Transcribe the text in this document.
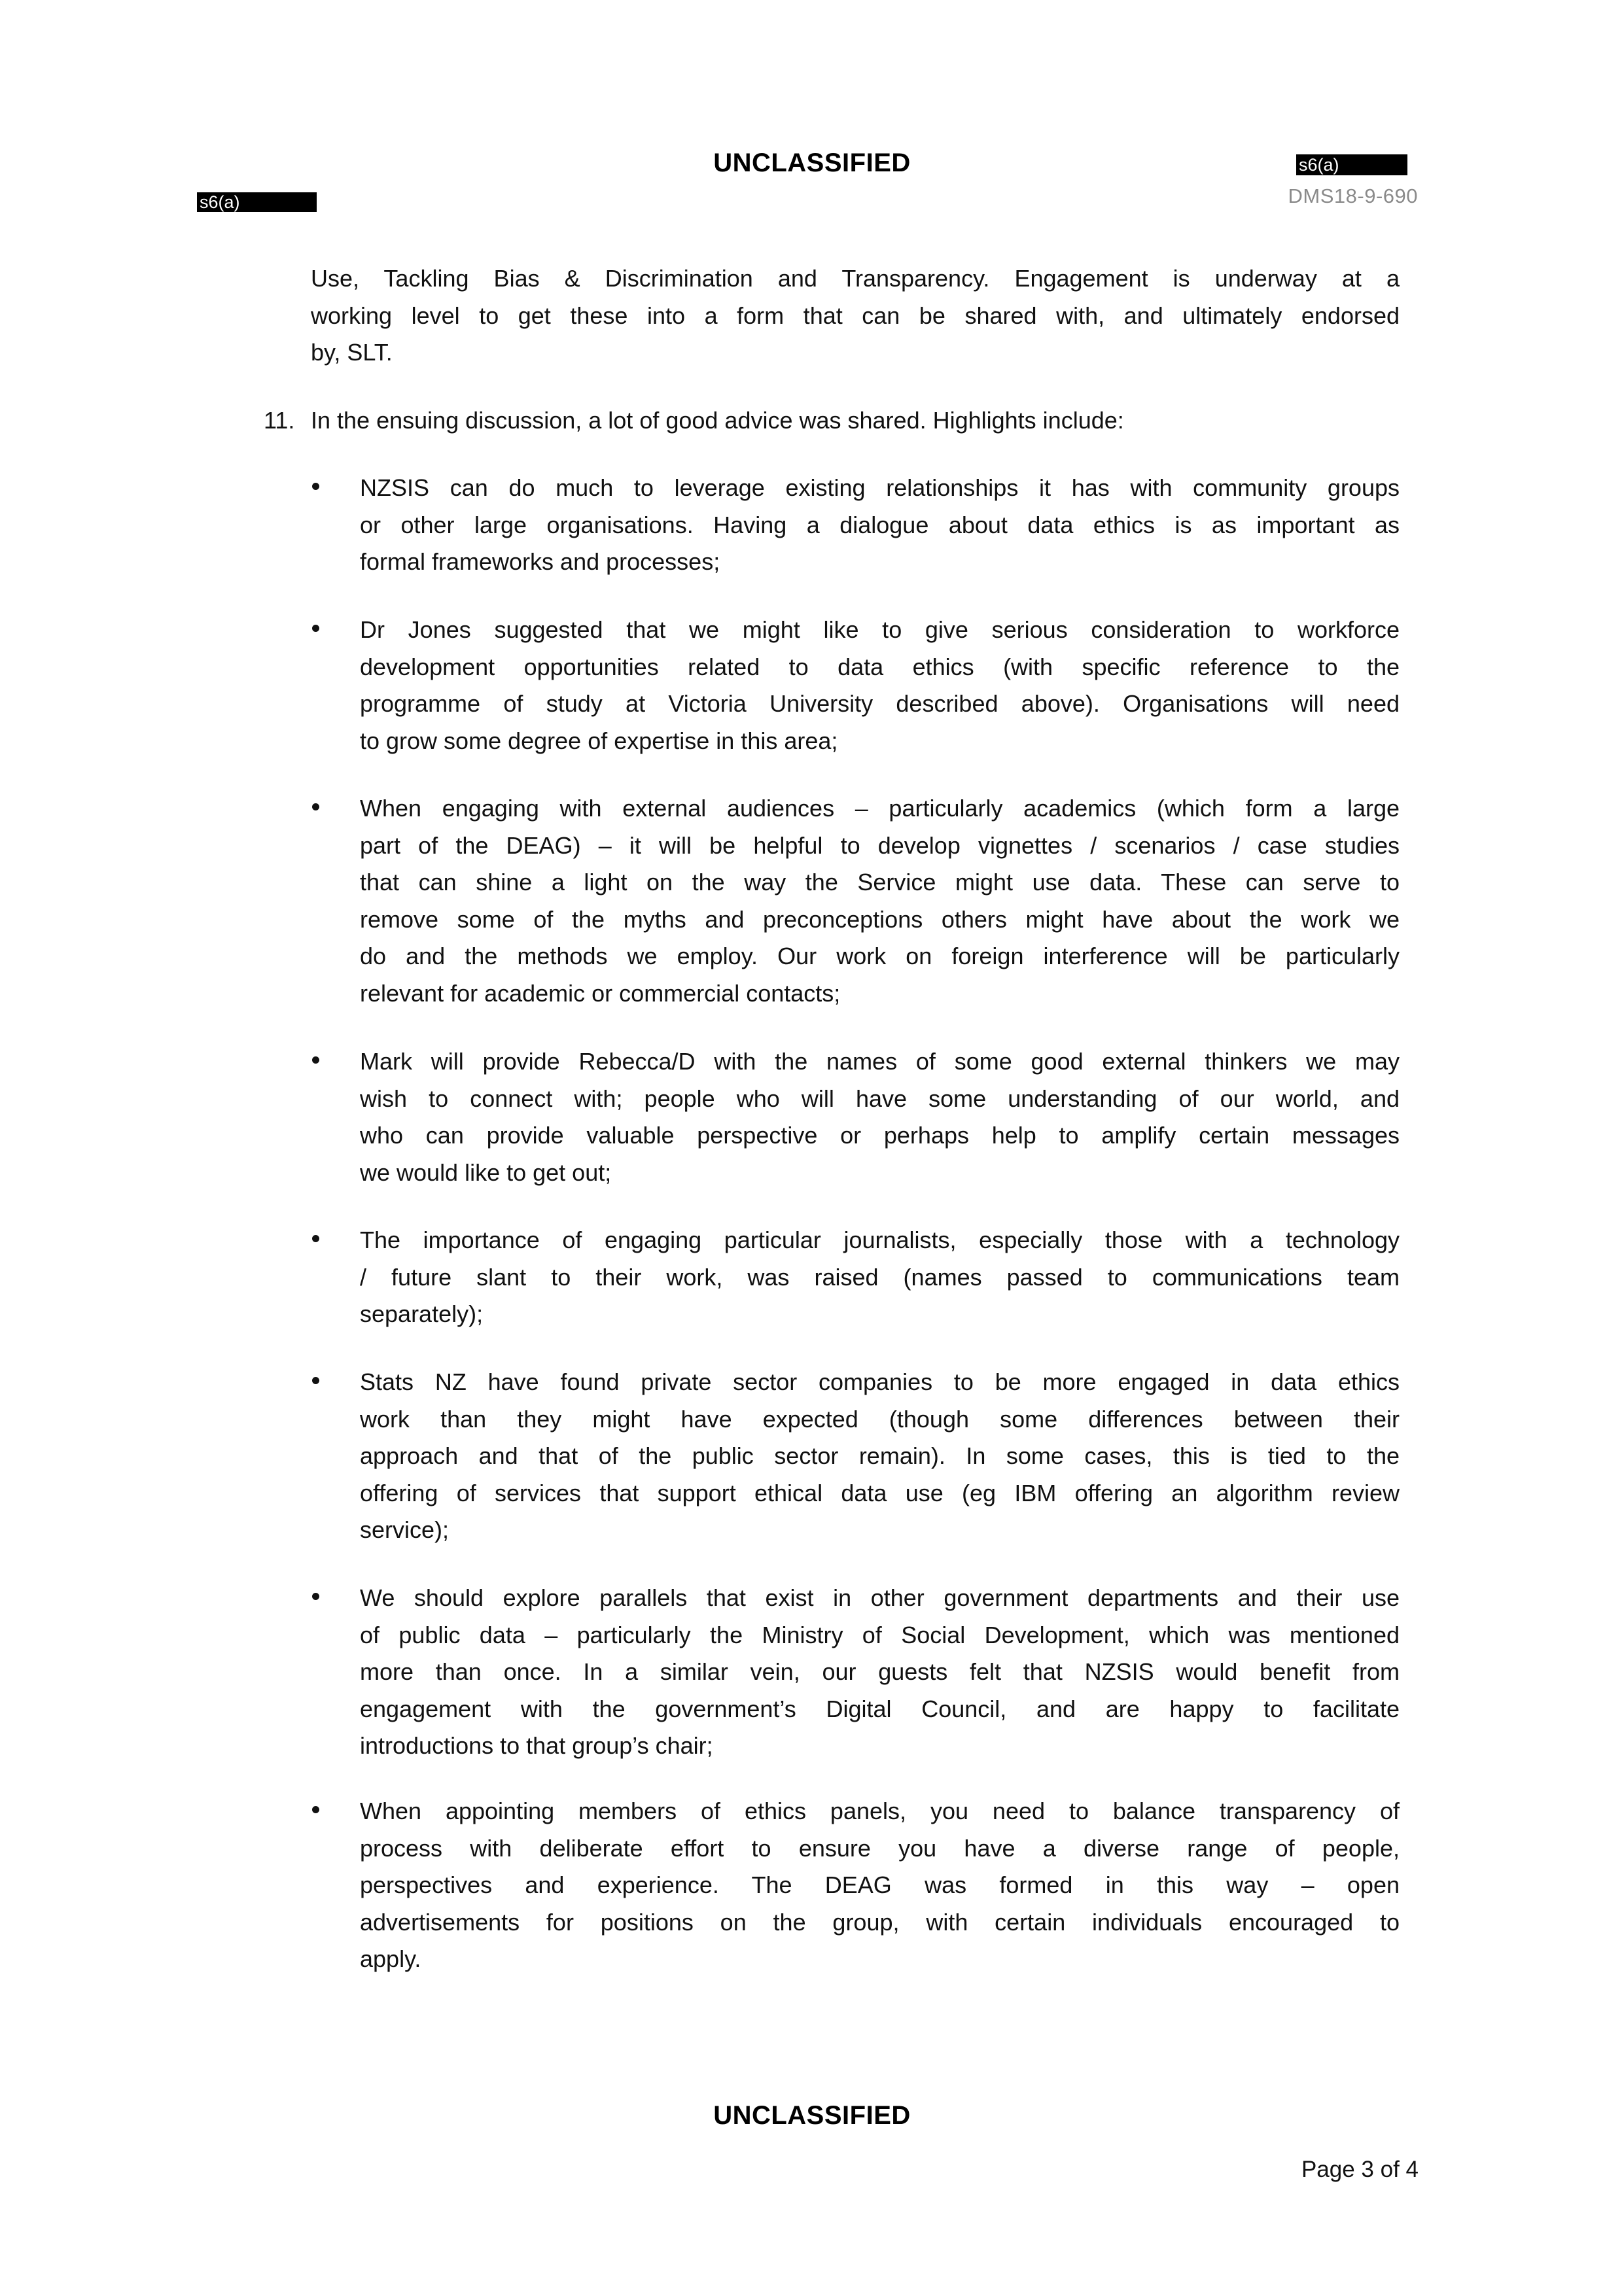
UNCLASSIFIED	s6(a)
DMS18-9-690
s6(a)
Use, Tackling Bias & Discrimination and Transparency. Engagement is underway at a
working level to get these into a form that can be shared with, and ultimately endorsed
by, SLT.
11. In the ensuing discussion, a lot of good advice was shared. Highlights include:
NZSIS can do much to leverage existing relationships it has with community groups
or other large organisations. Having a dialogue about data ethics is as important as
formal frameworks and processes;
Dr Jones suggested that we might like to give serious consideration to workforce
development opportunities related to data ethics (with specific reference to the
programme of study at Victoria University described above). Organisations will need
to grow some degree of expertise in this area;
When engaging with external audiences – particularly academics (which form a large
part of the DEAG) – it will be helpful to develop vignettes / scenarios / case studies
that can shine a light on the way the Service might use data. These can serve to
remove some of the myths and preconceptions others might have about the work we
do and the methods we employ. Our work on foreign interference will be particularly
relevant for academic or commercial contacts;
Mark will provide Rebecca/D with the names of some good external thinkers we may
wish to connect with; people who will have some understanding of our world, and
who can provide valuable perspective or perhaps help to amplify certain messages
we would like to get out;
The importance of engaging particular journalists, especially those with a technology
/ future slant to their work, was raised (names passed to communications team
separately);
Stats NZ have found private sector companies to be more engaged in data ethics
work than they might have expected (though some differences between their
approach and that of the public sector remain). In some cases, this is tied to the
offering of services that support ethical data use (eg IBM offering an algorithm review
service);
We should explore parallels that exist in other government departments and their use
of public data – particularly the Ministry of Social Development, which was mentioned
more than once. In a similar vein, our guests felt that NZSIS would benefit from
engagement with the government’s Digital Council, and are happy to facilitate
introductions to that group’s chair;
When appointing members of ethics panels, you need to balance transparency of
process with deliberate effort to ensure you have a diverse range of people,
perspectives and experience. The DEAG was formed in this way – open
advertisements for positions on the group, with certain individuals encouraged to
apply.
UNCLASSIFIED
Page 3 of 4
